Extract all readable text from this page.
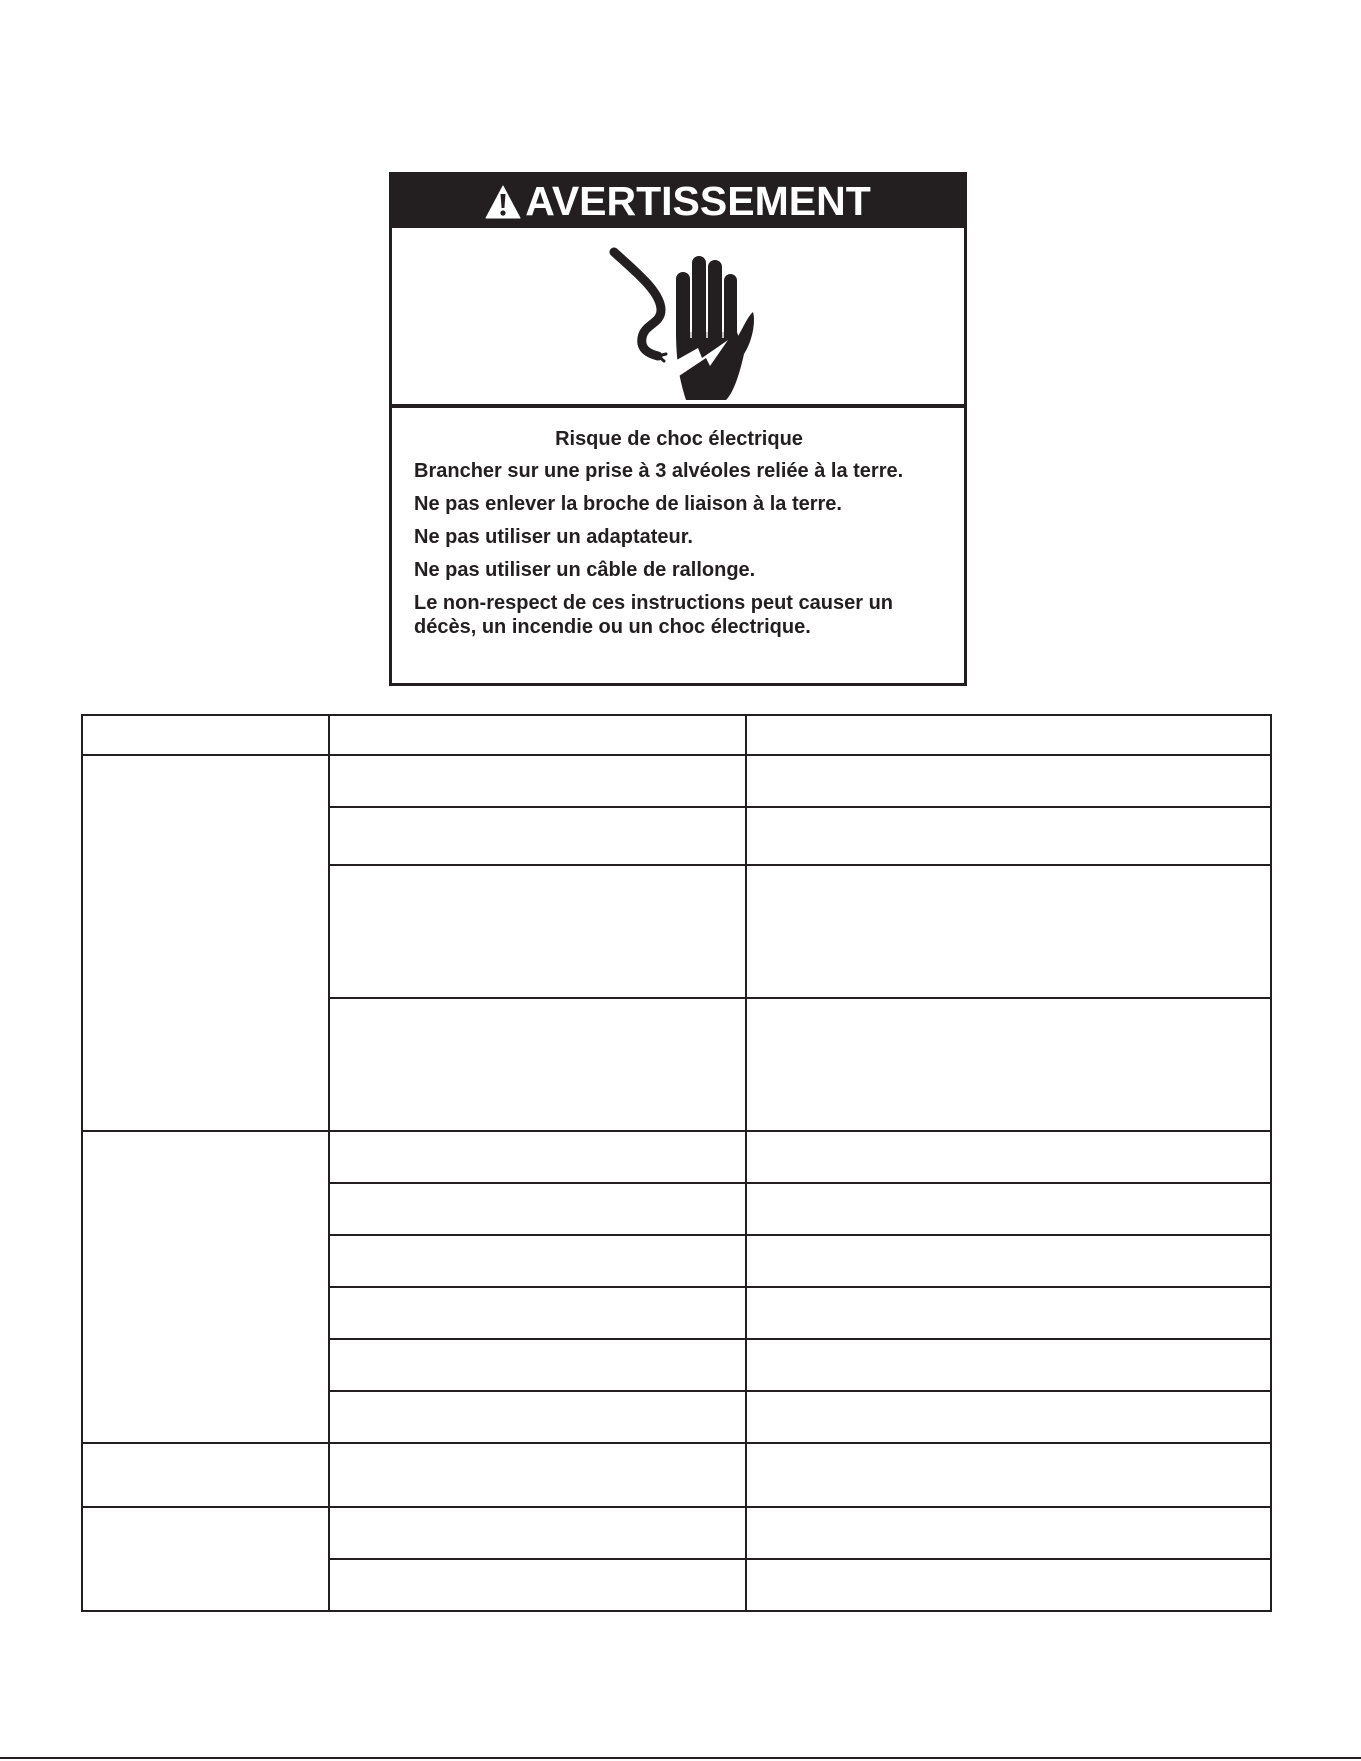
AVERTISSEMENT

Risque de choc électrique

Brancher sur une prise à 3 alvéoles reliée à la terre.

Ne pas enlever la broche de liaison à la terre.

Ne pas utiliser un adaptateur.

Ne pas utiliser un câble de rallonge.

Le non-respect de ces instructions peut causer un décès, un incendie ou un choc électrique.
